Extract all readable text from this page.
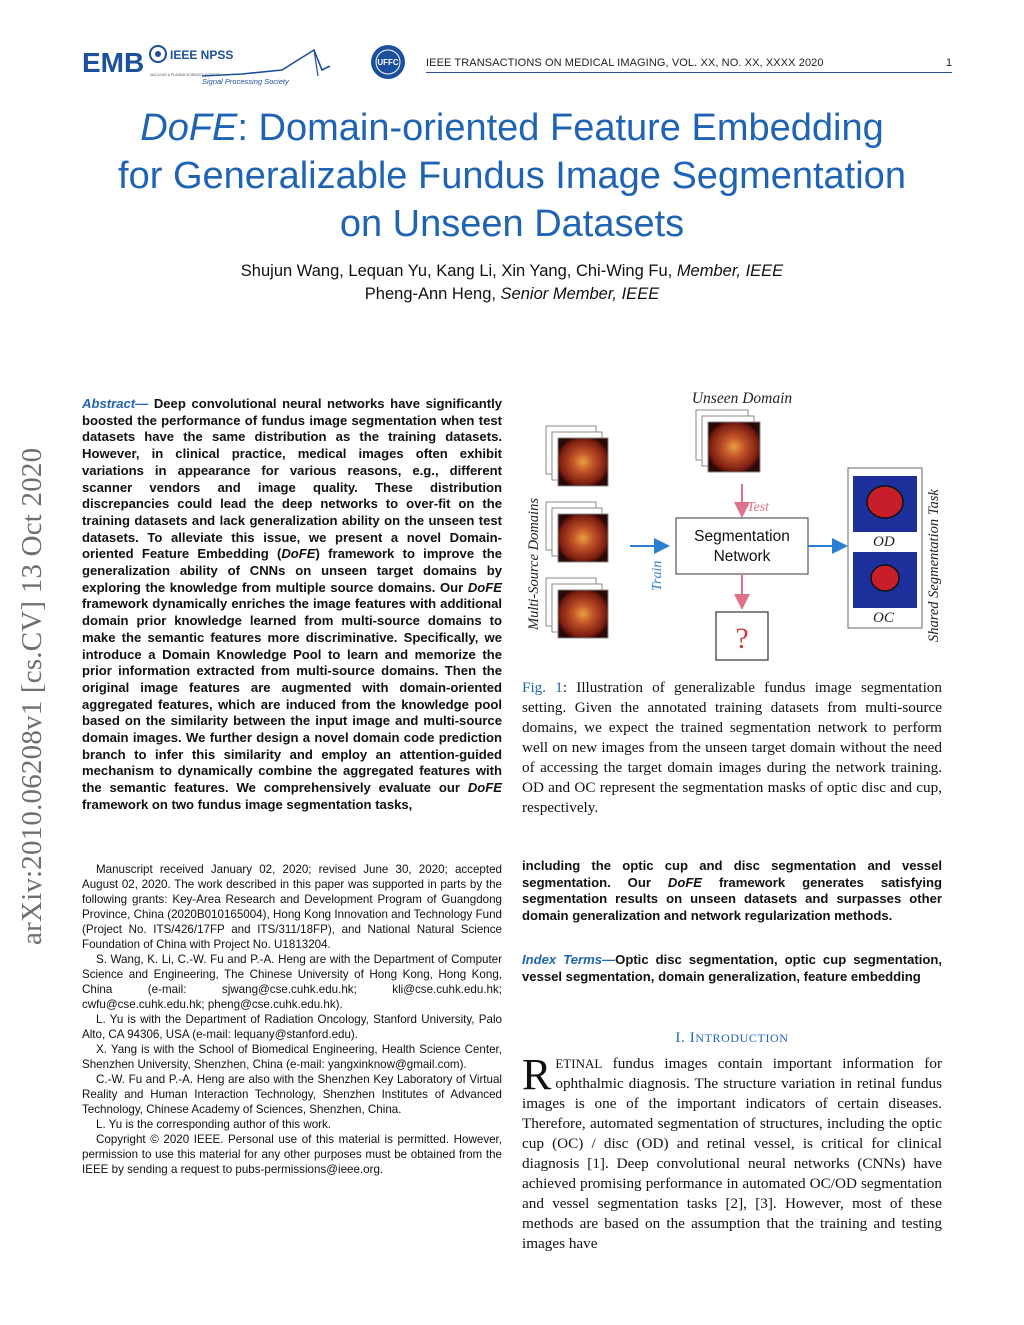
EMB IEEE NPSS
NUCLEAR & PLASMA SCIENCES SOCIETY
Signal Processing Society
UFFC IEEE TRANSACTIONS ON MEDICAL IMAGING, VOL. XX, NO. XX, XXXX 2020	1
DoFE: Domain-oriented Feature Embedding
for Generalizable Fundus Image Segmentation
on Unseen Datasets
Shujun Wang, Lequan Yu, Kang Li, Xin Yang, Chi-Wing Fu, Member, IEEE
Pheng-Ann Heng, Senior Member, IEEE
arXiv:2010.06208v1 [cs.CV] 13 Oct 2020
Abstract— Deep convolutional neural networks have significantly boosted the performance of fundus image segmentation when test datasets have the same distribution as the training datasets. However, in clinical practice, medical images often exhibit variations in appearance for various reasons, e.g., different scanner vendors and image quality. These distribution discrepancies could lead the deep networks to over-fit on the training datasets and lack generalization ability on the unseen test datasets. To alleviate this issue, we present a novel Domain-oriented Feature Embedding (DoFE) framework to improve the generalization ability of CNNs on unseen target domains by exploring the knowledge from multiple source domains. Our DoFE framework dynamically enriches the image features with additional domain prior knowledge learned from multi-source domains to make the semantic features more discriminative. Specifically, we introduce a Domain Knowledge Pool to learn and memorize the prior information extracted from multi-source domains. Then the original image features are augmented with domain-oriented aggregated features, which are induced from the knowledge pool based on the similarity between the input image and multi-source domain images. We further design a novel domain code prediction branch to infer this similarity and employ an attention-guided mechanism to dynamically combine the aggregated features with the semantic features. We comprehensively evaluate our DoFE framework on two fundus image segmentation tasks,

Manuscript received January 02, 2020; revised June 30, 2020; accepted August 02, 2020. The work described in this paper was supported in parts by the following grants: Key-Area Research and Development Program of Guangdong Province, China (2020B010165004), Hong Kong Innovation and Technology Fund (Project No. ITS/426/17FP and ITS/311/18FP), and National Natural Science Foundation of China with Project No. U1813204.

S. Wang, K. Li, C.-W. Fu and P.-A. Heng are with the Department of Computer Science and Engineering, The Chinese University of Hong Kong, Hong Kong, China (e-mail: sjwang@cse.cuhk.edu.hk; kli@cse.cuhk.edu.hk; cwfu@cse.cuhk.edu.hk; pheng@cse.cuhk.edu.hk).

L. Yu is with the Department of Radiation Oncology, Stanford University, Palo Alto, CA 94306, USA (e-mail: lequany@stanford.edu).

X. Yang is with the School of Biomedical Engineering, Health Science Center, Shenzhen University, Shenzhen, China (e-mail: yangxinknow@gmail.com).

C.-W. Fu and P.-A. Heng are also with the Shenzhen Key Laboratory of Virtual Reality and Human Interaction Technology, Shenzhen Institutes of Advanced Technology, Chinese Academy of Sciences, Shenzhen, China.

L. Yu is the corresponding author of this work.

Copyright © 2020 IEEE. Personal use of this material is permitted. However, permission to use this material for any other purposes must be obtained from the IEEE by sending a request to pubs-permissions@ieee.org.

Unseen Domain
Multi-Source Domains	Train
Test
Segmentation
Network
?
OD
OC Shared Segmentation Task
Fig. 1: Illustration of generalizable fundus image segmentation setting. Given the annotated training datasets from multi-source domains, we expect the trained segmentation network to perform well on new images from the unseen target domain without the need of accessing the target domain images during the network training. OD and OC represent the segmentation masks of optic disc and cup, respectively.
including the optic cup and disc segmentation and vessel segmentation. Our DoFE framework generates satisfying segmentation results on unseen datasets and surpasses other domain generalization and network regularization methods.
Index Terms—Optic disc segmentation, optic cup segmentation, vessel segmentation, domain generalization, feature embedding
I. INTRODUCTION
RETINAL fundus images contain important information for ophthalmic diagnosis. The structure variation in retinal fundus images is one of the important indicators of certain diseases. Therefore, automated segmentation of structures, including the optic cup (OC) / disc (OD) and retinal vessel, is critical for clinical diagnosis [1]. Deep convolutional neural networks (CNNs) have achieved promising performance in automated OC/OD segmentation and vessel segmentation tasks [2], [3]. However, most of these methods are based on the assumption that the training and testing images have
